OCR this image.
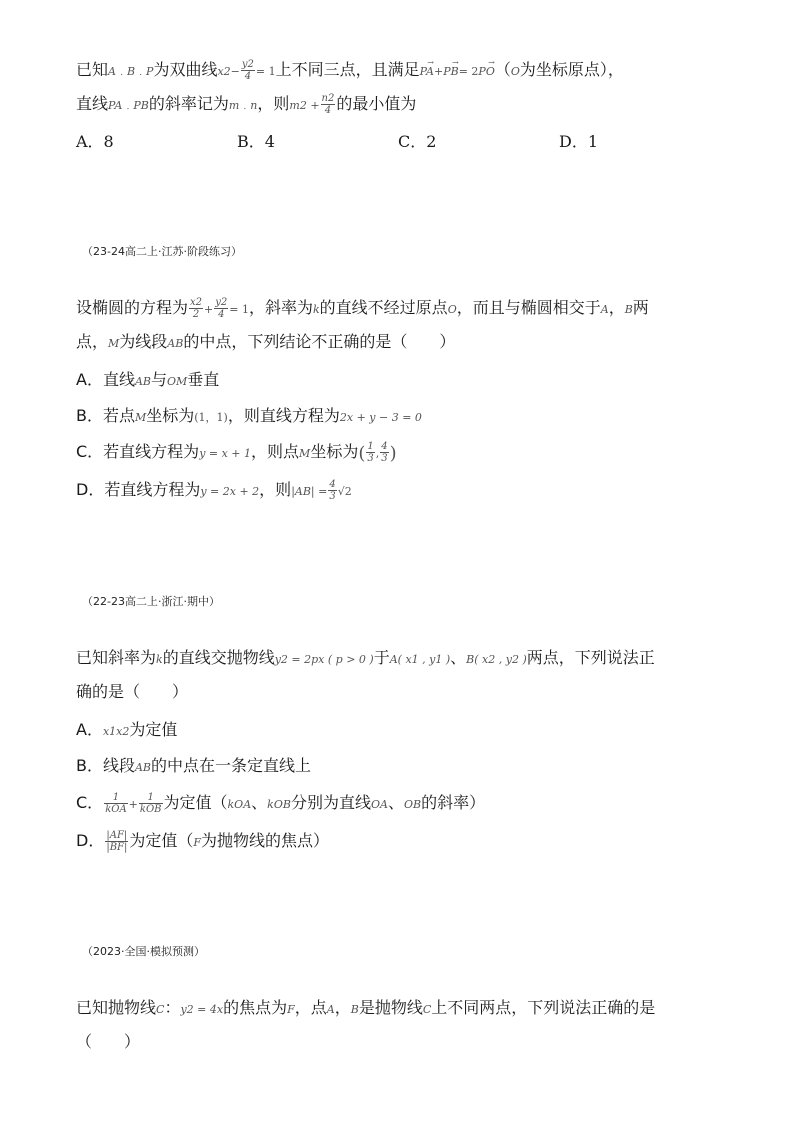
已知A﹒B﹒P为双曲线$x2- \frac{y2}{4} = 1$上不同三点，且满足→ PA+→ PB= 2→ PO（O为坐标原点），
直线PA﹒PB的斜率记为m﹒n，则$m2 + \frac{n2}{4}$ 的最小值为
A．8	B．4	C．2	D．1
（23-24高二上·江苏·阶段练习）
设椭圆的方程为 $\frac{x2}{2} + \frac{y2}{4} = 1$，斜率为k的直线不经过原点O，而且与椭圆相交于A，B两
点，M为线段AB的中点，下列结论不正确的是（　　）
A．直线AB与OM垂直
B．若点M坐标为(1，1)，则直线方程为2x + y − 3 = 0
C．若直线方程为y = x + 1，则点M坐标为( $\frac{1}{3}$ , $\frac{4}{3}$ )
D．若直线方程为y = 2x + 2，则$|AB| = \frac{4}{3} √2$
（22-23高二上·浙江·期中）
已知斜率为k的直线交抛物线y2 = 2px ( p > 0 )于A( x1 , y1 )、B( x2 , y2 )两点，下列说法正
确的是（　　）
A．x1x2为定值
B．线段AB的中点在一条定直线上
C． $\frac{1}{\text{kOA}} + \frac{1}{\text{kOB}}$ 为定值（kOA、kOB分别为直线OA、OB的斜率）
D． $\frac{|AF|}{|BF|}$ 为定值（F为抛物线的焦点）
（2023·全国·模拟预测）
已知抛物线C：y2 = 4x的焦点为F，点A，B是抛物线C上不同两点，下列说法正确的是
（　　）
